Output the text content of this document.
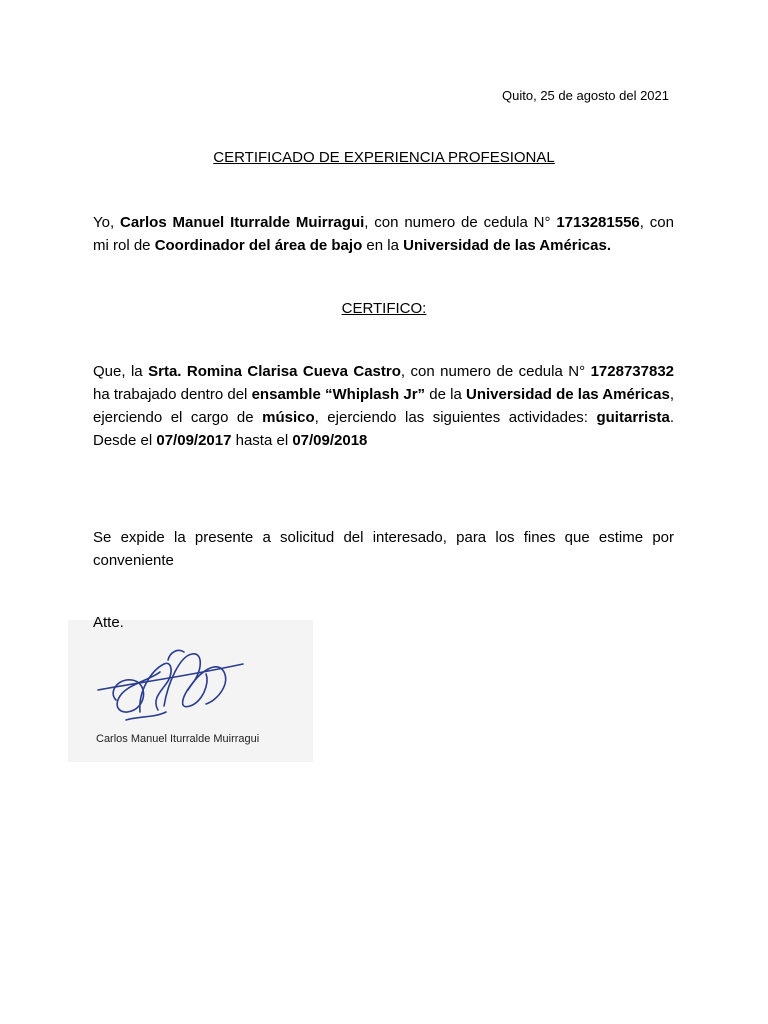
Quito, 25 de agosto del 2021
CERTIFICADO DE EXPERIENCIA PROFESIONAL
Yo, Carlos Manuel Iturralde Muirragui, con numero de cedula N° 1713281556, con mi rol de Coordinador del área de bajo en la Universidad de las Américas.
CERTIFICO:
Que, la Srta. Romina Clarisa Cueva Castro, con numero de cedula N° 1728737832 ha trabajado dentro del ensamble “Whiplash Jr” de la Universidad de las Américas, ejerciendo el cargo de músico, ejerciendo las siguientes actividades: guitarrista. Desde el 07/09/2017 hasta el 07/09/2018
Se expide la presente a solicitud del interesado, para los fines que estime por conveniente
Carlos Manuel Iturralde Muirragui
Atte.
